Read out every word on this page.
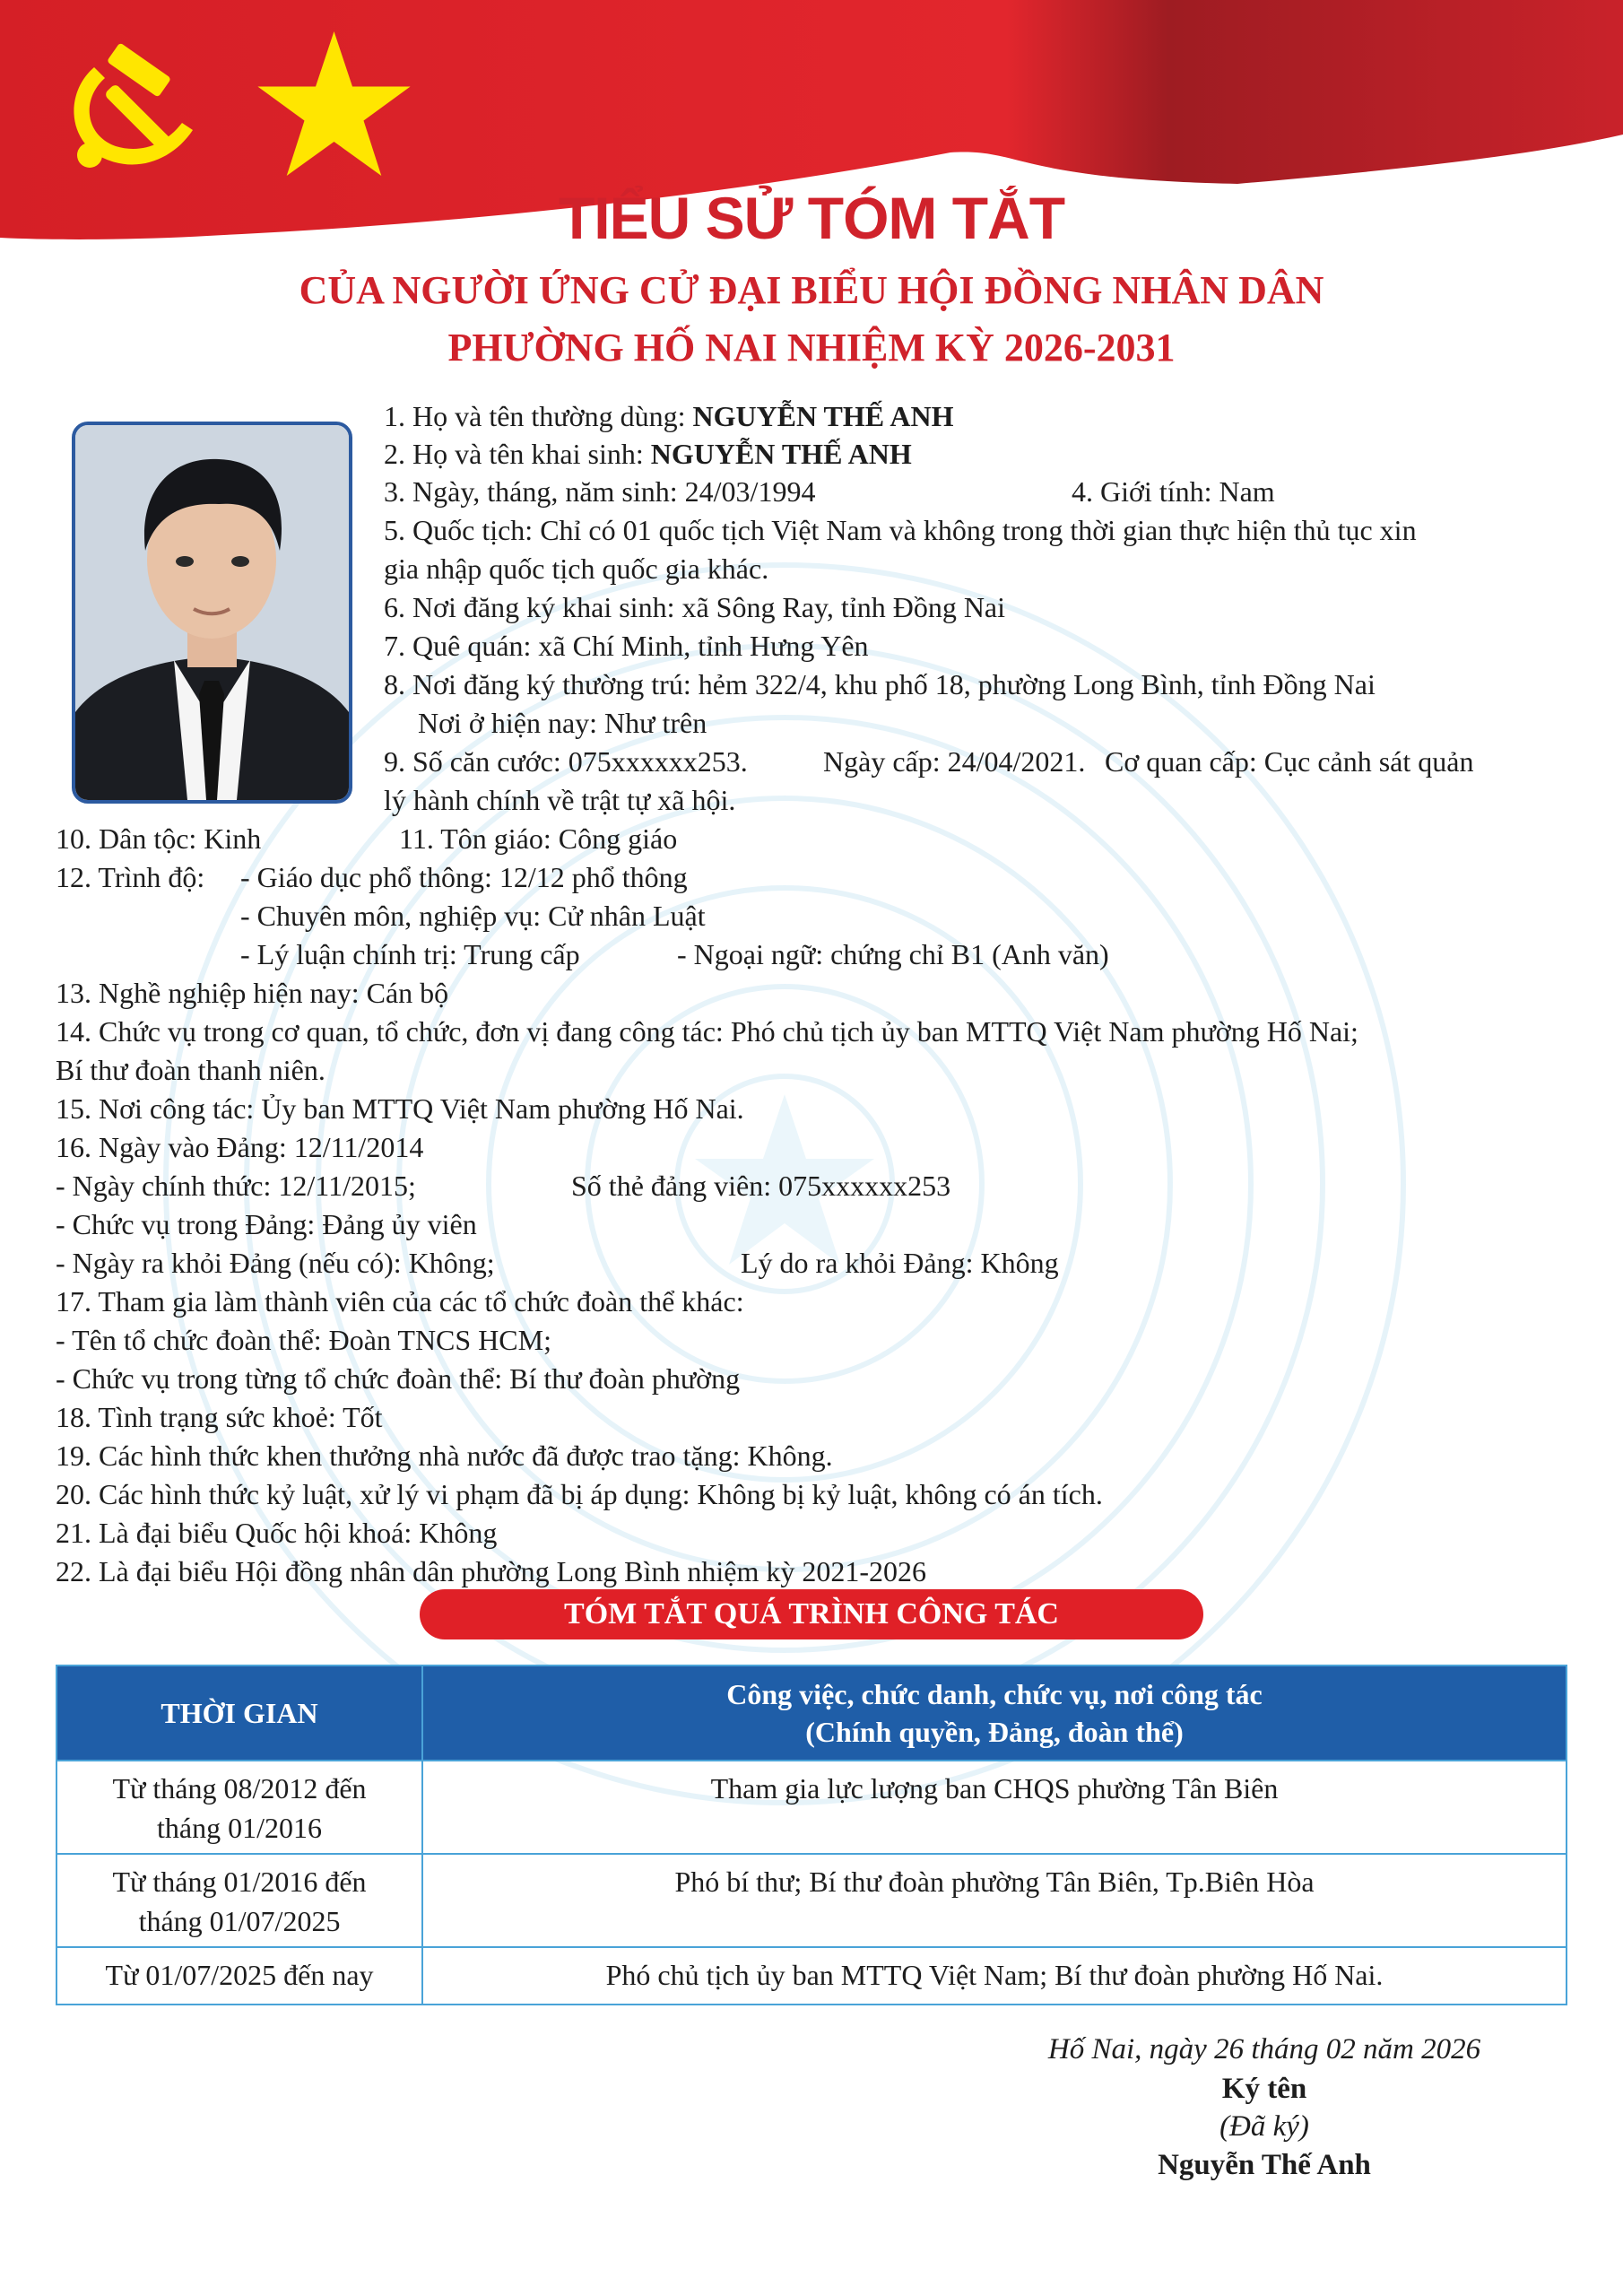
TIỂU SỬ TÓM TẮT
CỦA NGƯỜI ỨNG CỬ ĐẠI BIỂU HỘI ĐỒNG NHÂN DÂN
PHƯỜNG HỐ NAI NHIỆM KỲ 2026-2031
1. Họ và tên thường dùng: NGUYỄN THẾ ANH
2. Họ và tên khai sinh: NGUYỄN THẾ ANH
3. Ngày, tháng, năm sinh: 24/03/1994	4. Giới tính: Nam
5. Quốc tịch: Chỉ có 01 quốc tịch Việt Nam và không trong thời gian thực hiện thủ tục xin
gia nhập quốc tịch quốc gia khác.
6. Nơi đăng ký khai sinh: xã Sông Ray, tỉnh Đồng Nai
7. Quê quán: xã Chí Minh, tỉnh Hưng Yên
8. Nơi đăng ký thường trú: hẻm 322/4, khu phố 18, phường Long Bình, tỉnh Đồng Nai
Nơi ở hiện nay: Như trên
9. Số căn cước: 075xxxxxx253.	Ngày cấp: 24/04/2021. Cơ quan cấp: Cục cảnh sát quản
lý hành chính về trật tự xã hội.
10. Dân tộc: Kinh	11. Tôn giáo: Công giáo
12. Trình độ: - Giáo dục phổ thông: 12/12 phổ thông
- Chuyên môn, nghiệp vụ: Cử nhân Luật
- Lý luận chính trị: Trung cấp	- Ngoại ngữ: chứng chỉ B1 (Anh văn)
13. Nghề nghiệp hiện nay: Cán bộ
14. Chức vụ trong cơ quan, tổ chức, đơn vị đang công tác: Phó chủ tịch ủy ban MTTQ Việt Nam phường Hố Nai;
Bí thư đoàn thanh niên.
15. Nơi công tác: Ủy ban MTTQ Việt Nam phường Hố Nai.
16. Ngày vào Đảng: 12/11/2014
- Ngày chính thức: 12/11/2015;	Số thẻ đảng viên: 075xxxxxx253
- Chức vụ trong Đảng: Đảng ủy viên
- Ngày ra khỏi Đảng (nếu có): Không;	Lý do ra khỏi Đảng: Không
17. Tham gia làm thành viên của các tổ chức đoàn thể khác:
- Tên tổ chức đoàn thể: Đoàn TNCS HCM;
- Chức vụ trong từng tổ chức đoàn thể: Bí thư đoàn phường
18. Tình trạng sức khoẻ: Tốt
19. Các hình thức khen thưởng nhà nước đã được trao tặng: Không.
20. Các hình thức kỷ luật, xử lý vi phạm đã bị áp dụng: Không bị kỷ luật, không có án tích.
21. Là đại biểu Quốc hội khoá: Không
22. Là đại biểu Hội đồng nhân dân phường Long Bình nhiệm kỳ 2021-2026
TÓM TẮT QUÁ TRÌNH CÔNG TÁC
THỜI GIAN	Công việc, chức danh, chức vụ, nơi công tác
(Chính quyền, Đảng, đoàn thể)

Từ tháng 08/2012 đến
tháng 01/2016	Tham gia lực lượng ban CHQS phường Tân Biên

Từ tháng 01/2016 đến
tháng 01/07/2025	Phó bí thư; Bí thư đoàn phường Tân Biên, Tp.Biên Hòa

Từ 01/07/2025 đến nay	Phó chủ tịch ủy ban MTTQ Việt Nam; Bí thư đoàn phường Hố Nai.
Hố Nai, ngày 26 tháng 02 năm 2026
Ký tên
(Đã ký)
Nguyễn Thế Anh
